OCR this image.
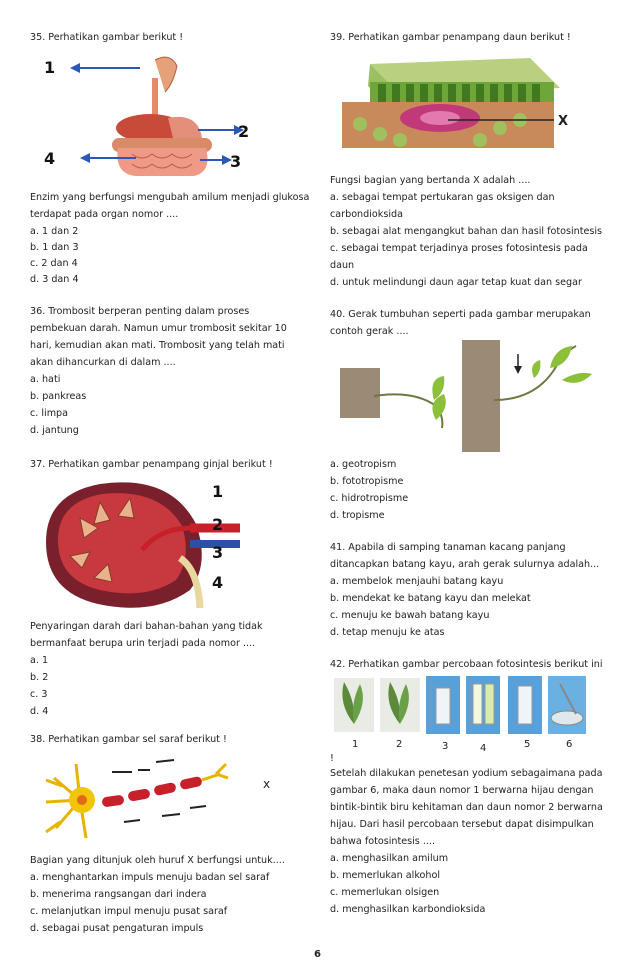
35. Perhatikan gambar berikut !
1
2
3
4
Enzim yang berfungsi mengubah amilum menjadi glukosa
terdapat pada organ nomor ....
a. 1 dan 2
b. 1 dan 3
c. 2 dan 4
d. 3 dan 4
36. Trombosit berperan penting dalam proses
pembekuan darah. Namun umur trombosit sekitar 10
hari, kemudian akan mati. Trombosit yang telah mati
akan dihancurkan di dalam ....
a. hati
b. pankreas
c. limpa
d. jantung
37. Perhatikan gambar penampang ginjal berikut !
1
2
3
4
Penyaringan darah dari bahan-bahan yang tidak
bermanfaat berupa urin terjadi pada nomor ....
a. 1
b. 2
c. 3
d. 4
38. Perhatikan gambar sel saraf berikut !
x
Bagian yang ditunjuk oleh huruf X berfungsi untuk....
a. menghantarkan impuls menuju badan sel saraf
b. menerima rangsangan dari indera
c. melanjutkan impul menuju pusat saraf
d. sebagai pusat pengaturan impuls
39. Perhatikan gambar penampang daun berikut !
X
Fungsi bagian yang bertanda X adalah ....
a. sebagai tempat pertukaran gas oksigen dan
carbondioksida
b. sebagai alat mengangkut bahan dan hasil fotosintesis
c. sebagai tempat terjadinya proses fotosintesis pada
daun
d. untuk melindungi daun agar tetap kuat dan segar
40. Gerak tumbuhan seperti pada gambar merupakan
contoh gerak ....
a. geotropism
b. fototropisme
c. hidrotropisme
d. tropisme
41. Apabila di samping tanaman kacang panjang
ditancapkan batang kayu, arah gerak sulurnya adalah...
a. membelok menjauhi batang kayu
b. mendekat ke batang kayu dan melekat
c. menuju ke bawah batang kayu
d. tetap menuju ke atas
42. Perhatikan gambar percobaan fotosintesis berikut ini
1	2	3	4	5	6
!
Setelah dilakukan penetesan yodium sebagaimana pada
gambar 6, maka daun nomor 1 berwarna hijau dengan
bintik-bintik biru kehitaman dan daun nomor 2 berwarna
hijau. Dari hasil percobaan tersebut dapat disimpulkan
bahwa fotosintesis ....
a. menghasilkan amilum
b. memerlukan alkohol
c. memerlukan olsigen
d. menghasilkan karbondioksida
6
